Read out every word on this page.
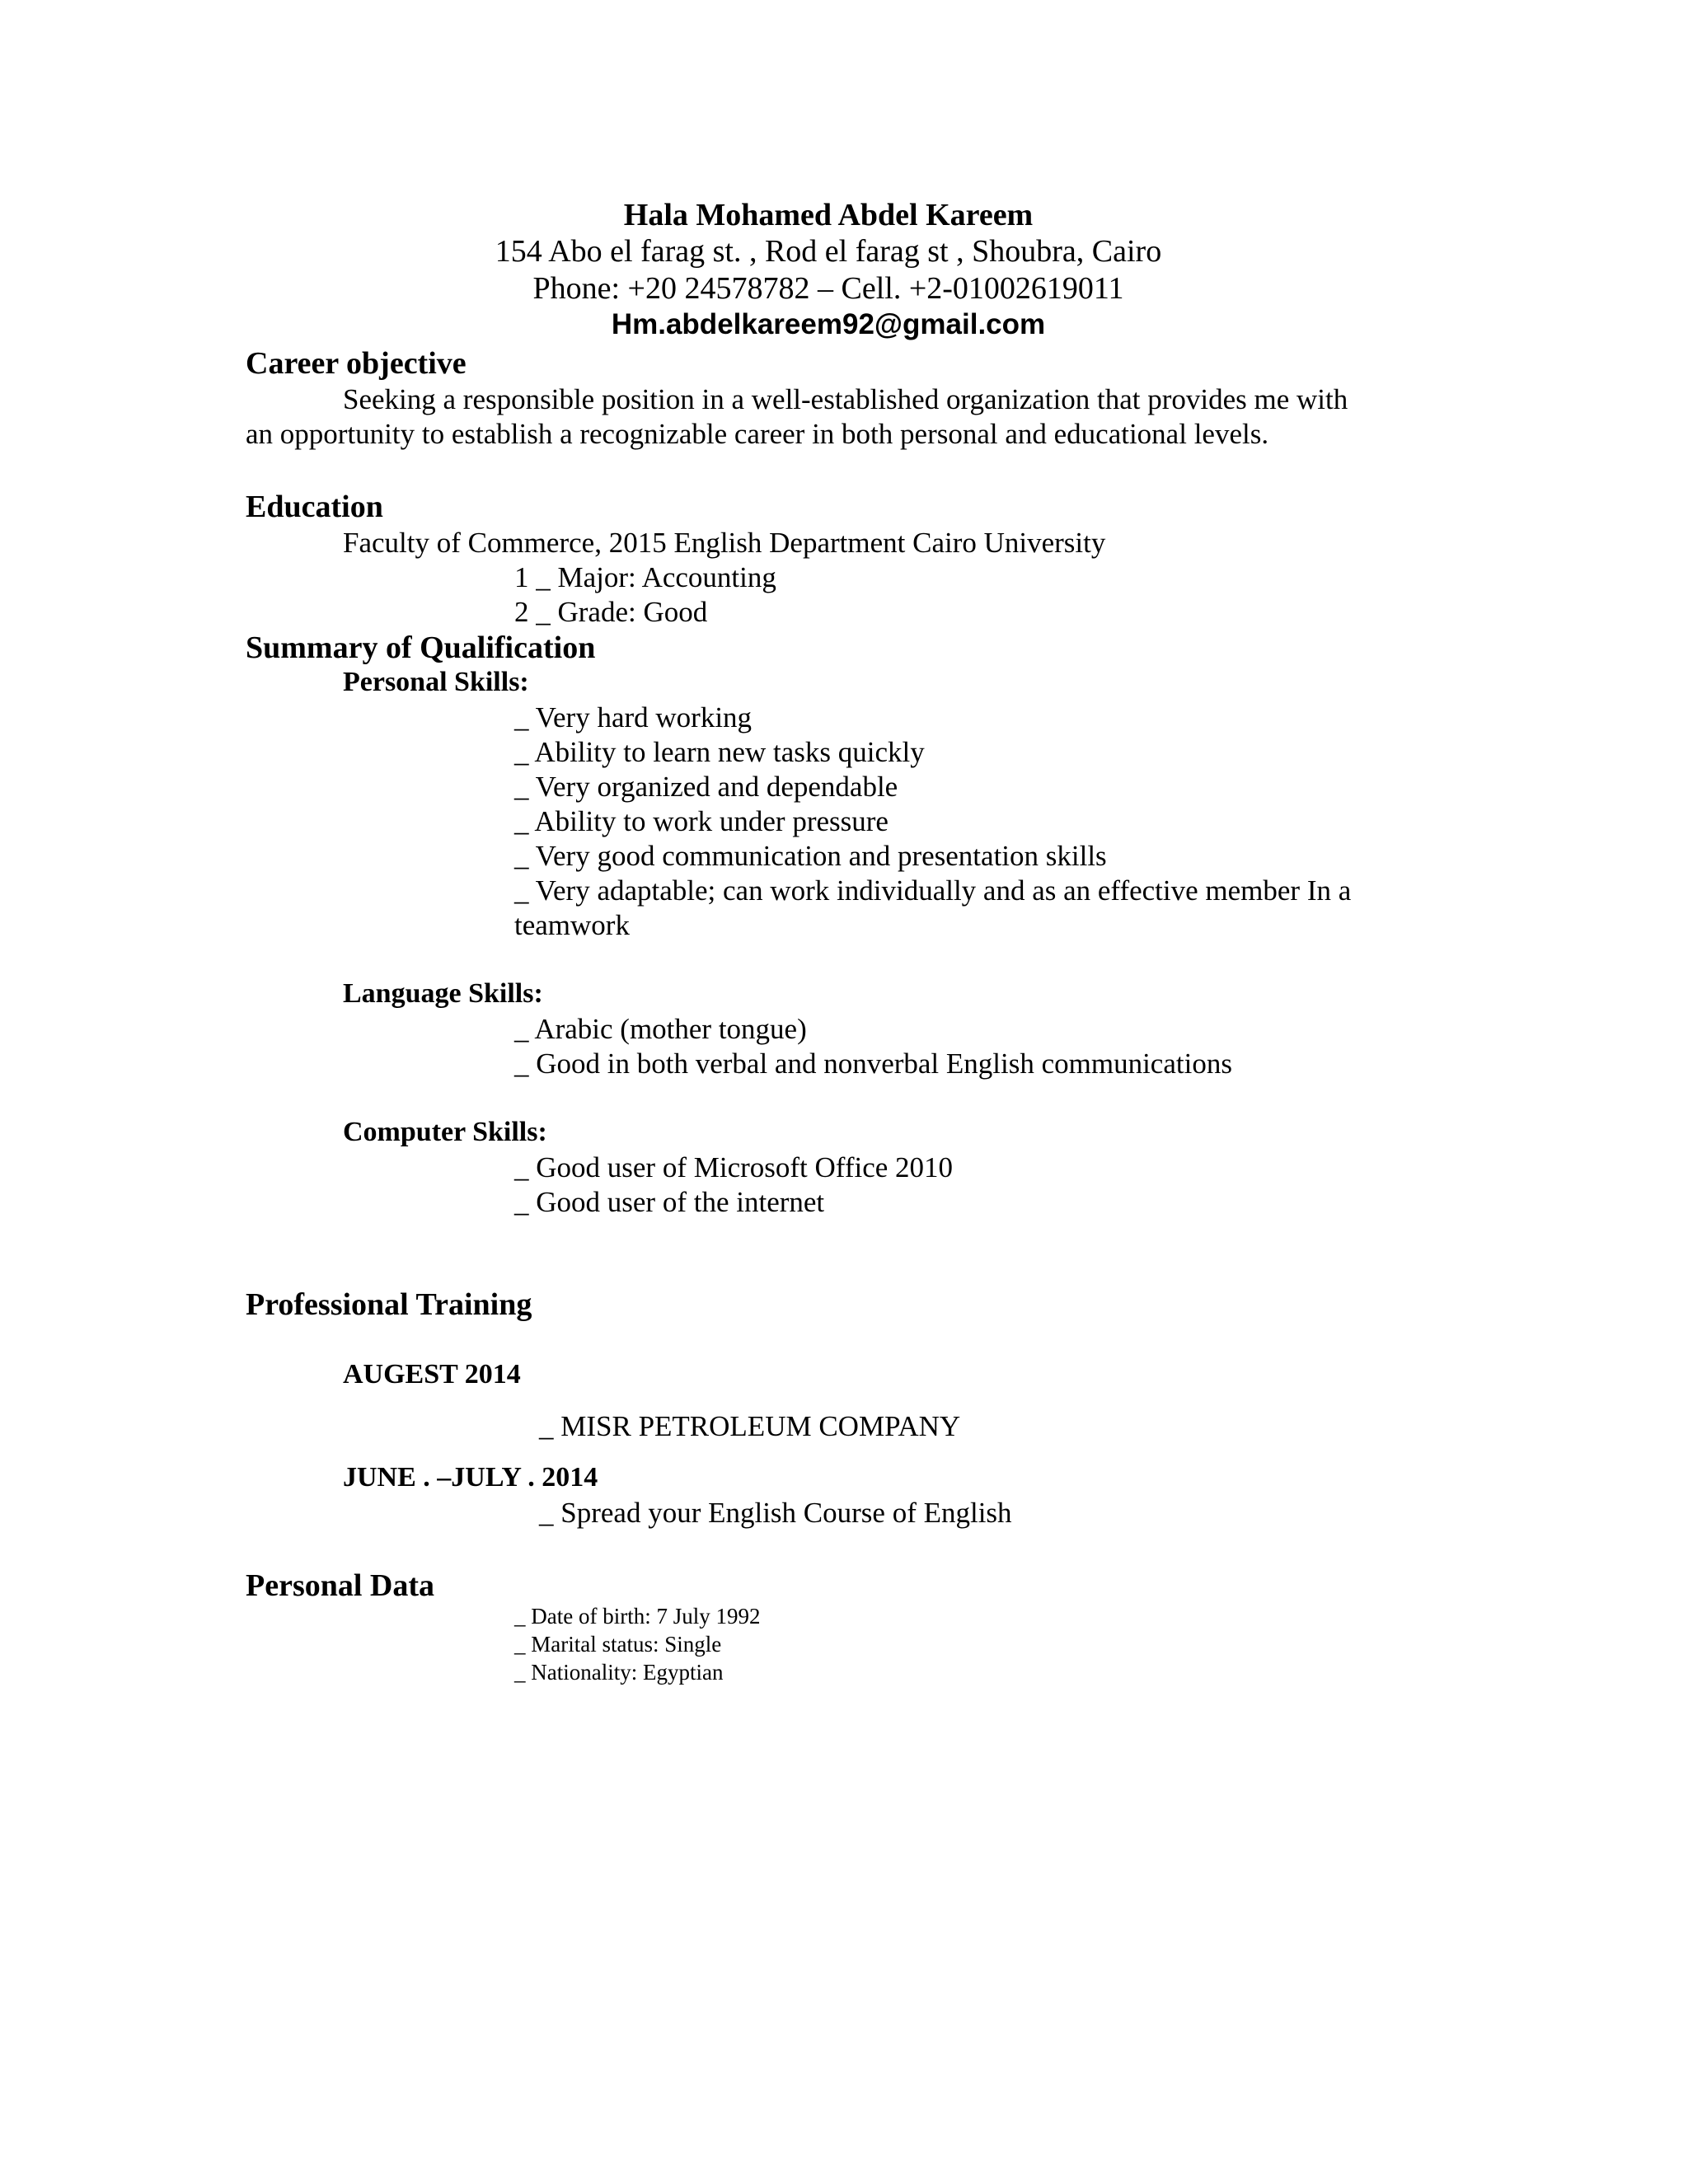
Hala Mohamed Abdel Kareem
154 Abo el farag st. , Rod el farag st , Shoubra, Cairo
Phone: +20 24578782 – Cell. +2-01002619011
Hm.abdelkareem92@gmail.com
Career objective
Seeking a responsible position in a well-established organization that provides me with
an opportunity to establish a recognizable career in both personal and educational levels.
Education
Faculty of Commerce, 2015 English Department Cairo University
1 _ Major: Accounting
2 _ Grade: Good
Summary of Qualification
Personal Skills:
_ Very hard working
_ Ability to learn new tasks quickly
_ Very organized and dependable
_ Ability to work under pressure
_ Very good communication and presentation skills
_ Very adaptable; can work individually and as an effective member In a
teamwork
Language Skills:
_ Arabic (mother tongue)
_ Good in both verbal and nonverbal English communications
Computer Skills:
_ Good user of Microsoft Office 2010
_ Good user of the internet
Professional Training
AUGEST 2014
_ MISR PETROLEUM COMPANY
JUNE . –JULY . 2014
_ Spread your English Course of English
Personal Data
_ Date of birth: 7 July 1992
_ Marital status: Single
_ Nationality: Egyptian
